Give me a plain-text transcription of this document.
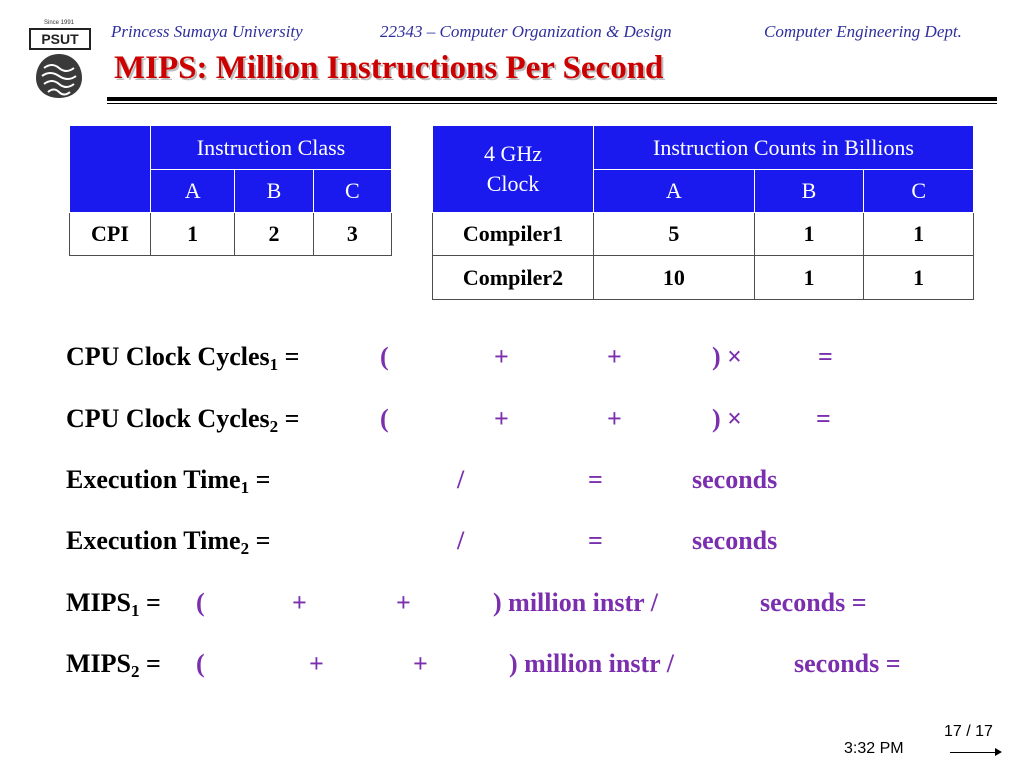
Since 1991
PSUT	Princess Sumaya University	22343 – Computer Organization & Design	Computer Engineering Dept.
MIPS: Million Instructions Per Second
	Instruction Class		
	A	B	C
CPI	1	2	3
4 GHz
Clock	Instruction Counts in Billions		
	A	B	C
Compiler1	5	1	1
Compiler2	10	1	1
CPU Clock Cycles$_1$ =	(	+	+	) ×	=
CPU Clock Cycles$_2$ =	(	+	+	) ×	=
Execution Time$_1$ =	/	=	seconds
Execution Time$_2$ =	/	=	seconds
$MIPS_1$ = (	+	+	) million instr /	seconds =
$MIPS_2$ = (	+	+	) million instr /	seconds =
17 / 17
3:32 PM
